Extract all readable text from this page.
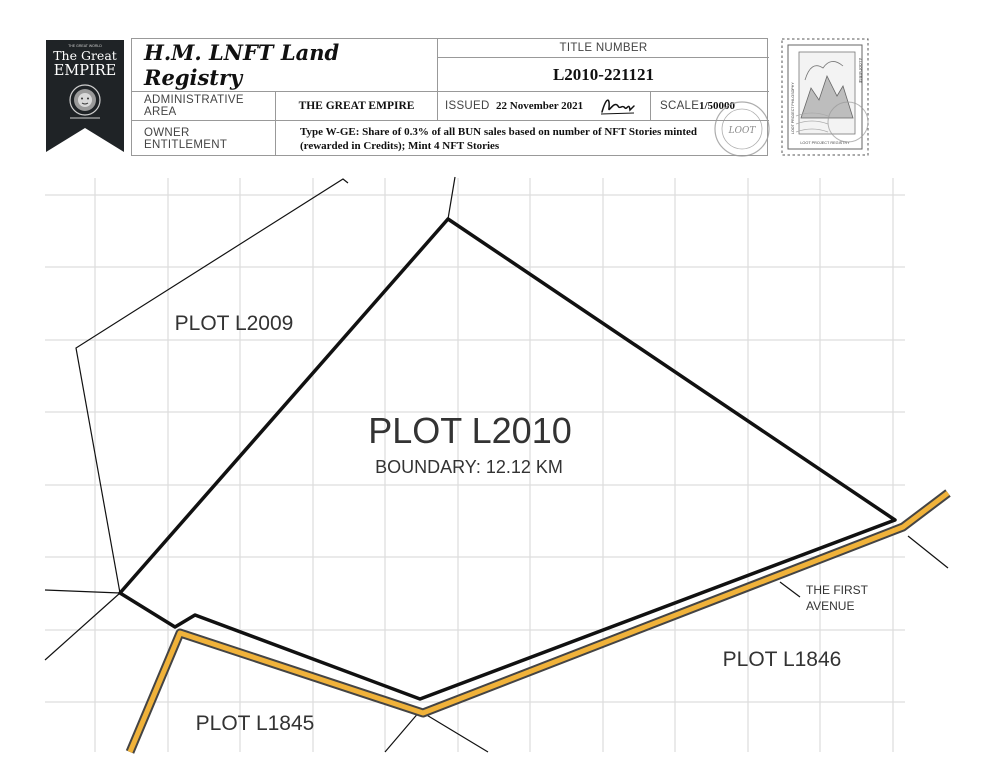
PLOT L2010
BOUNDARY: 12.12 KM
PLOT L2009
PLOT L1846
PLOT L1845
THE FIRST
AVENUE
THE GREAT WORLD
The Great
EMPIRE
H.M. LNFT Land Registry
TITLE NUMBER
L2010-221121
ADMINISTRATIVE AREA	THE GREAT EMPIRE	ISSUED 22 November 2021	SCALE 1/50000
OWNER ENTITLEMENT
Type W-GE: Share of 0.3% of all BUN sales based on number of NFT Stories minted
(rewarded in Credits); Mint 4 NFT Stories
LOOT PROJECT PHILOSOPHY
A LOOTVERSE
LOOT PROJECT REGISTRY
LOOT
